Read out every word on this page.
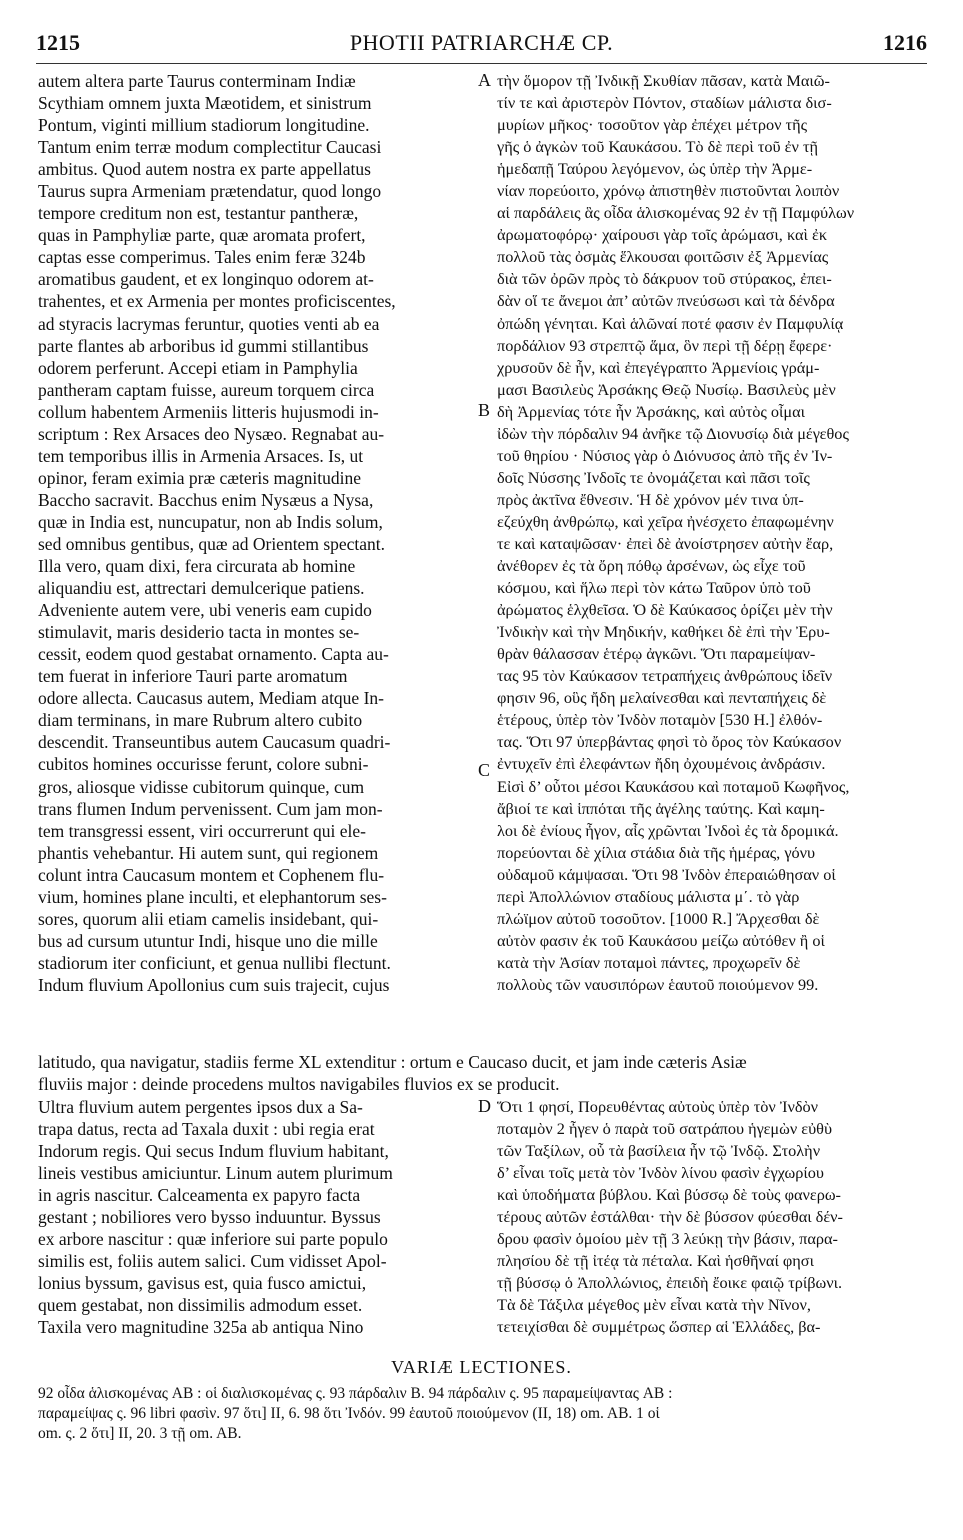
1215	PHOTII PATRIARCHÆ CP.	1216
autem altera parte Taurus conterminam Indiæ
Scythiam omnem juxta Mæotidem, et sinistrum
Pontum, viginti millium stadiorum longitudine.
Tantum enim terræ modum complectitur Caucasi
ambitus. Quod autem nostra ex parte appellatus
Taurus supra Armeniam prætendatur, quod longo
tempore creditum non est, testantur pantheræ,
quas in Pamphyliæ parte, quæ aromata profert,
captas esse comperimus. Tales enim feræ 324b
aromatibus gaudent, et ex longinquo odorem at-
trahentes, et ex Armenia per montes proficiscentes,
ad styracis lacrymas feruntur, quoties venti ab ea
parte flantes ab arboribus id gummi stillantibus
odorem perferunt. Accepi etiam in Pamphylia
pantheram captam fuisse, aureum torquem circa
collum habentem Armeniis litteris hujusmodi in-
scriptum : Rex Arsaces deo Nysæo. Regnabat au-
tem temporibus illis in Armenia Arsaces. Is, ut
opinor, feram eximia præ cæteris magnitudine
Baccho sacravit. Bacchus enim Nysæus a Nysa,
quæ in India est, nuncupatur, non ab Indis solum,
sed omnibus gentibus, quæ ad Orientem spectant.
Illa vero, quam dixi, fera circurata ab homine
aliquandiu est, attrectari demulcerique patiens.
Adveniente autem vere, ubi veneris eam cupido
stimulavit, maris desiderio tacta in montes se-
cessit, eodem quod gestabat ornamento. Capta au-
tem fuerat in inferiore Tauri parte aromatum
odore allecta. Caucasus autem, Mediam atque In-
diam terminans, in mare Rubrum altero cubito
descendit. Transeuntibus autem Caucasum quadri-
cubitos homines occurisse ferunt, colore subni-
gros, aliosque vidisse cubitorum quinque, cum
trans flumen Indum pervenissent. Cum jam mon-
tem transgressi essent, viri occurrerunt qui ele-
phantis vehebantur. Hi autem sunt, qui regionem
colunt intra Caucasum montem et Cophenem flu-
vium, homines plane inculti, et elephantorum ses-
sores, quorum alii etiam camelis insidebant, qui-
bus ad cursum utuntur Indi, hisque uno die mille
stadiorum iter conficiunt, et genua nullibi flectunt.
Indum fluvium Apollonius cum suis trajecit, cujus
τὴν ὅμορον τῇ Ἰνδικῇ Σκυθίαν πᾶσαν, κατὰ Μαιῶ-
τίν τε καὶ ἀριστερὸν Πόντον, σταδίων μάλιστα δισ-
μυρίων μῆκος· τοσοῦτον γὰρ ἐπέχει μέτρον τῆς
γῆς ὁ ἀγκὼν τοῦ Καυκάσου. Τὸ δὲ περὶ τοῦ ἐν τῇ
ἡμεδαπῇ Ταύρου λεγόμενον, ὡς ὑπὲρ τὴν Ἀρμε-
νίαν πορεύοιτο, χρόνῳ ἀπιστηθὲν πιστοῦνται λοιπὸν
αἱ παρδάλεις ἃς οἶδα ἁλισκομένας 92 ἐν τῇ Παμφύλων
ἀρωματοφόρῳ· χαίρουσι γὰρ τοῖς ἀρώμασι, καὶ ἐκ
πολλοῦ τὰς ὀσμὰς ἕλκουσαι φοιτῶσιν ἐξ Ἀρμενίας
διὰ τῶν ὀρῶν πρὸς τὸ δάκρυον τοῦ στύρακος, ἐπει-
δὰν οἵ τε ἄνεμοι ἀπ’ αὐτῶν πνεύσωσι καὶ τὰ δένδρα
ὀπώδη γένηται. Καὶ ἁλῶναί ποτέ φασιν ἐν Παμφυλίᾳ
πορδάλιον 93 στρεπτῷ ἅμα, ὃν περὶ τῇ δέρῃ ἔφερε·
χρυσοῦν δὲ ἦν, καὶ ἐπεγέγραπτο Ἀρμενίοις γράμ-
μασι Βασιλεὺς Ἀρσάκης Θεῷ Νυσίῳ. Βασιλεὺς μὲν
δὴ Ἀρμενίας τότε ἦν Ἀρσάκης, καὶ αὐτὸς οἶμαι
ἰδὼν τὴν πόρδαλιν 94 ἀνῆκε τῷ Διονυσίῳ διὰ μέγεθος
τοῦ θηρίου · Νύσιος γὰρ ὁ Διόνυσος ἀπὸ τῆς ἐν Ἰν-
δοῖς Νύσσης Ἰνδοῖς τε ὀνομάζεται καὶ πᾶσι τοῖς
πρὸς ἀκτῖνα ἔθνεσιν. Ἡ δὲ χρόνον μέν τινα ὑπ-
εζεύχθη ἀνθρώπῳ, καὶ χεῖρα ἠνέσχετο ἐπαφωμένην
τε καὶ καταψῶσαν· ἐπεὶ δὲ ἀνοίστρησεν αὐτὴν ἔαρ,
ἀνέθορεν ἐς τὰ ὄρη πόθῳ ἀρσένων, ὡς εἶχε τοῦ
κόσμου, καὶ ἥλω περὶ τὸν κάτω Ταῦρον ὑπὸ τοῦ
ἀρώματος ἑλχθεῖσα. Ὁ δὲ Καύκασος ὁρίζει μὲν τὴν
Ἰνδικὴν καὶ τὴν Μηδικήν, καθήκει δὲ ἐπὶ τὴν Ἐρυ-
θρὰν θάλασσαν ἑτέρῳ ἀγκῶνι. Ὅτι παραμείψαν-
τας 95 τὸν Καύκασον τετραπήχεις ἀνθρώπους ἰδεῖν
φησιν 96, οὓς ἤδη μελαίνεσθαι καὶ πενταπήχεις δὲ
ἑτέρους, ὑπὲρ τὸν Ἰνδὸν ποταμὸν [530 H.] ἐλθόν-
τας. Ὅτι 97 ὑπερβάντας φησὶ τὸ ὄρος τὸν Καύκασον
ἐντυχεῖν ἐπὶ ἐλεφάντων ἤδη ὀχουμένοις ἀνδράσιν.
Εἰσὶ δ’ οὗτοι μέσοι Καυκάσου καὶ ποταμοῦ Κωφῆνος,
ἄβιοί τε καὶ ἱππόται τῆς ἀγέλης ταύτης. Καὶ καμη-
λοι δὲ ἐνίους ἦγον, αἷς χρῶνται Ἰνδοὶ ἐς τὰ δρομικά.
πορεύονται δὲ χίλια στάδια διὰ τῆς ἡμέρας, γόνυ
οὐδαμοῦ κάμψασαι. Ὅτι 98 Ἰνδὸν ἐπεραιώθησαν οἱ
περὶ Ἀπολλώνιον σταδίους μάλιστα μ΄. τὸ γὰρ
πλώϊμον αὐτοῦ τοσοῦτον. [1000 R.] Ἄρχεσθαι δὲ
αὐτὸν φασιν ἐκ τοῦ Καυκάσου μείζω αὐτόθεν ἢ οἱ
κατὰ τὴν Ἀσίαν ποταμοὶ πάντες, προχωρεῖν δὲ
πολλοὺς τῶν ναυσιπόρων ἑαυτοῦ ποιούμενον 99.
A
B
C
D
latitudo, qua navigatur, stadiis ferme XL extenditur : ortum e Caucaso ducit, et jam inde cæteris Asiæ
fluviis major : deinde procedens multos navigabiles fluvios ex se producit.
Ultra fluvium autem pergentes ipsos dux a Sa-
trapa datus, recta ad Taxala duxit : ubi regia erat
Indorum regis. Qui secus Indum fluvium habitant,
lineis vestibus amiciuntur. Linum autem plurimum
in agris nascitur. Calceamenta ex papyro facta
gestant ; nobiliores vero bysso induuntur. Byssus
ex arbore nascitur : quæ inferiore sui parte populo
similis est, foliis autem salici. Cum vidisset Apol-
lonius byssum, gavisus est, quia fusco amictui,
quem gestabat, non dissimilis admodum esset.
Taxila vero magnitudine 325a ab antiqua Nino
Ὅτι 1 φησί, Πορευθέντας αὐτοὺς ὑπὲρ τὸν Ἰνδὸν
ποταμὸν 2 ἦγεν ὁ παρὰ τοῦ σατράπου ἡγεμὼν εὐθὺ
τῶν Ταξίλων, οὗ τὰ βασίλεια ἦν τῷ Ἰνδῷ. Στολὴν
δ’ εἶναι τοῖς μετὰ τὸν Ἰνδὸν λίνου φασὶν ἐγχωρίου
καὶ ὑποδήματα βύβλου. Καὶ βύσσῳ δὲ τοὺς φανερω-
τέρους αὐτῶν ἐστάλθαι· τὴν δὲ βύσσον φύεσθαι δέν-
δρου φασὶν ὁμοίου μὲν τῇ 3 λεύκῃ τὴν βάσιν, παρα-
πλησίου δὲ τῇ ἰτέᾳ τὰ πέταλα. Καὶ ἡσθῆναί φησι
τῇ βύσσῳ ὁ Ἀπολλώνιος, ἐπειδὴ ἔοικε φαιῷ τρίβωνι.
Τὰ δὲ Τάξιλα μέγεθος μὲν εἶναι κατὰ τὴν Νῖνον,
τετειχίσθαι δὲ συμμέτρως ὥσπερ αἱ Ἑλλάδες, βα-
VARIÆ LECTIONES.
92 οἶδα ἁλισκομένας AB : οἱ διαλισκομένας ς. 93 πάρδαλιν B. 94 πάρδαλιν ς. 95 παραμείψαντας AB :
παραμείψας ς. 96 libri φασὶν. 97 ὅτι] II, 6. 98 ὅτι Ἰνδόν. 99 ἑαυτοῦ ποιούμενον (II, 18) om. AB. 1 οἱ
om. ς. 2 ὅτι] II, 20. 3 τῇ om. AB.
